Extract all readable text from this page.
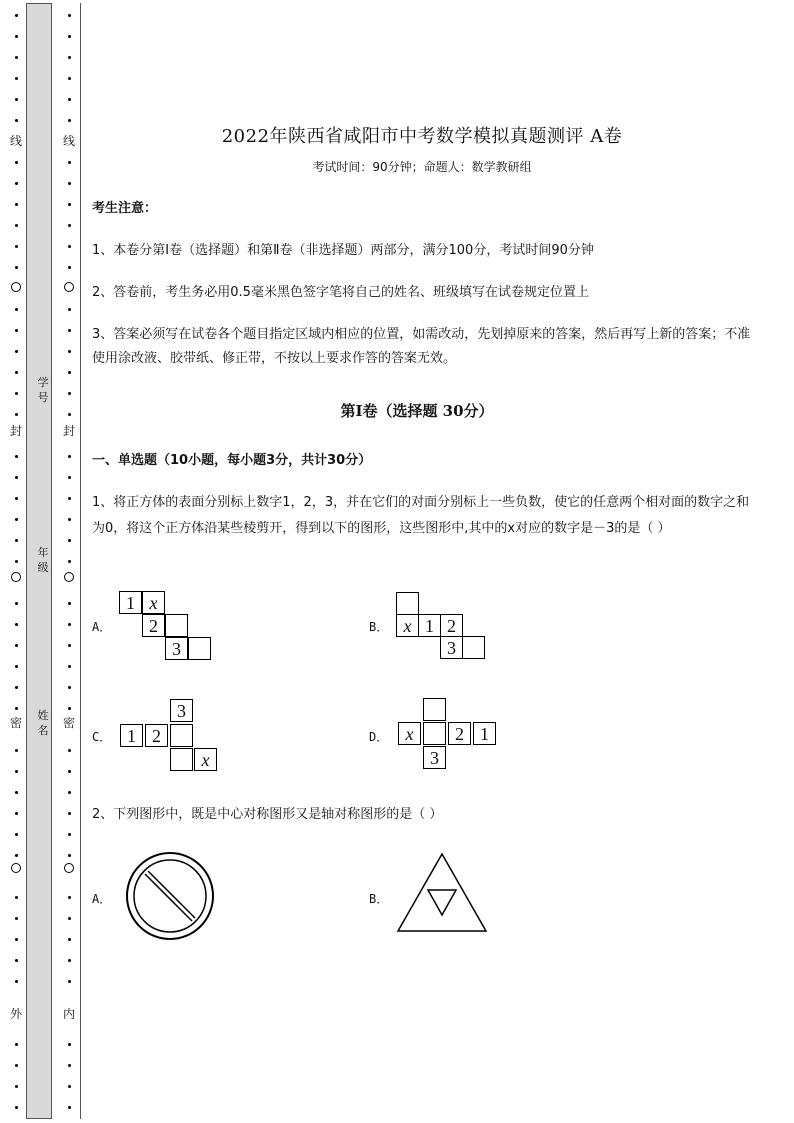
学号
年级
姓名
线
封
密
外
线
封
密
内
2022年陕西省咸阳市中考数学模拟真题测评 A卷
考试时间：90分钟；命题人：数学教研组
考生注意：
1、本卷分第I卷（选择题）和第Ⅱ卷（非选择题）两部分，满分100分，考试时间90分钟
2、答卷前，考生务必用0.5毫米黑色签字笔将自己的姓名、班级填写在试卷规定位置上
3、答案必须写在试卷各个题目指定区域内相应的位置，如需改动，先划掉原来的答案，然后再写上新的答案；不准使用涂改液、胶带纸、修正带，不按以上要求作答的答案无效。
第I卷（选择题 30分）
一、单选题（10小题，每小题3分，共计30分）
1、将正方体的表面分别标上数字1，2，3，并在它们的对面分别标上一些负数，使它的任意两个相对面的数字之和为0，将这个正方体沿某些棱剪开，得到以下的图形，这些图形中,其中的x对应的数字是－3的是（ ）
A．
1 x
2
3
B． x 1 2
3
C．
3
1 2
x
D． x	2 1
3
2、下列图形中，既是中心对称图形又是轴对称图形的是（ ）
A．	B．
